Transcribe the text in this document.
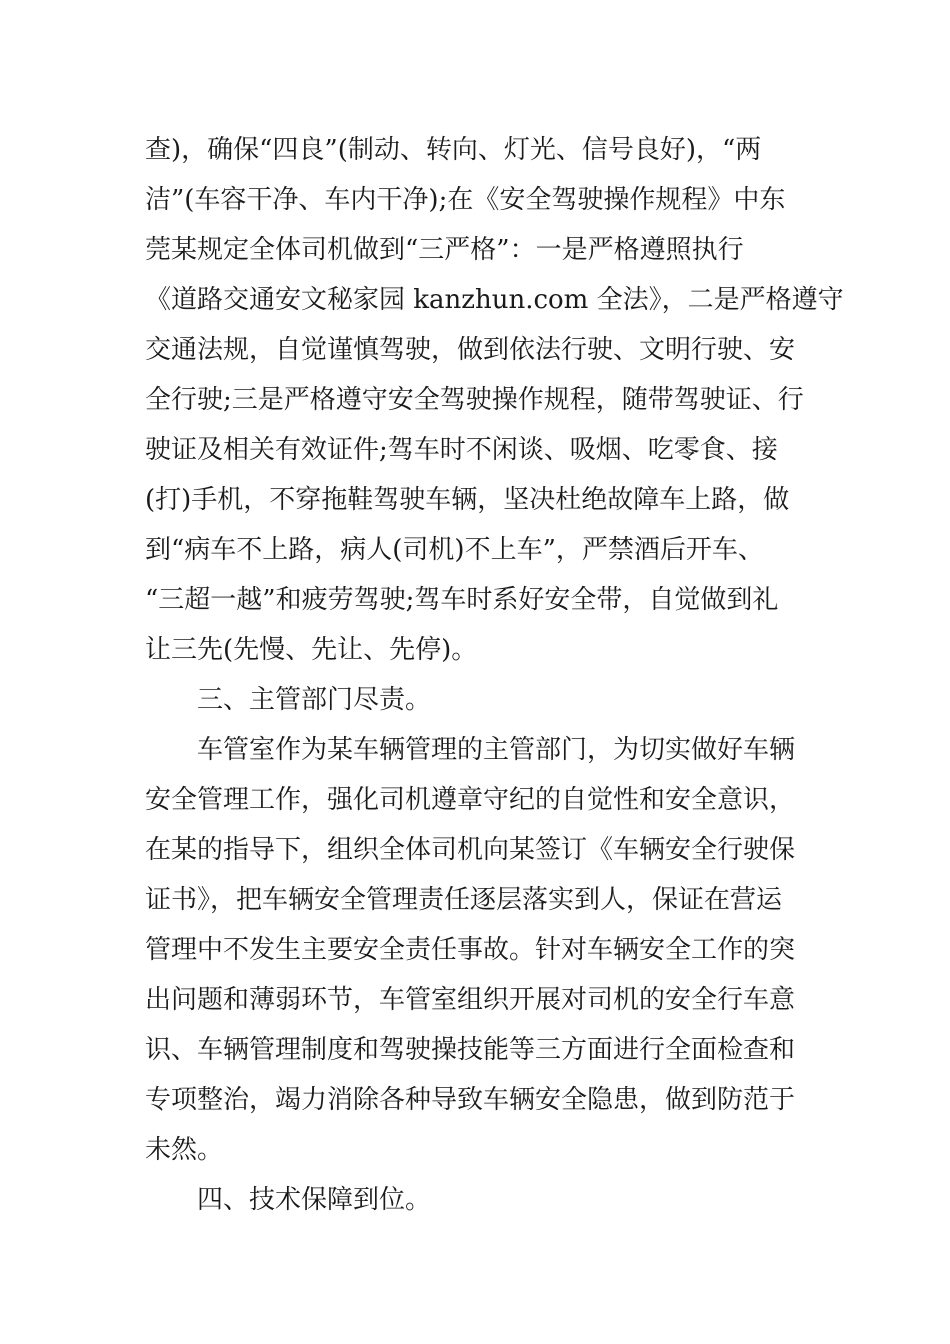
查)，确保“四良”(制动、转向、灯光、信号良好)，“两
洁”(车容干净、车内干净);在《安全驾驶操作规程》中东
莞某规定全体司机做到“三严格”：一是严格遵照执行
《道路交通安文秘家园 kanzhun.com 全法》，二是严格遵守
交通法规，自觉谨慎驾驶，做到依法行驶、文明行驶、安
全行驶;三是严格遵守安全驾驶操作规程，随带驾驶证、行
驶证及相关有效证件;驾车时不闲谈、吸烟、吃零食、接
(打)手机，不穿拖鞋驾驶车辆，坚决杜绝故障车上路，做
到“病车不上路，病人(司机)不上车”，严禁酒后开车、
“三超一越”和疲劳驾驶;驾车时系好安全带，自觉做到礼
让三先(先慢、先让、先停)。
三、主管部门尽责。
车管室作为某车辆管理的主管部门，为切实做好车辆
安全管理工作，强化司机遵章守纪的自觉性和安全意识，
在某的指导下，组织全体司机向某签订《车辆安全行驶保
证书》，把车辆安全管理责任逐层落实到人，保证在营运
管理中不发生主要安全责任事故。针对车辆安全工作的突
出问题和薄弱环节，车管室组织开展对司机的安全行车意
识、车辆管理制度和驾驶操技能等三方面进行全面检查和
专项整治，竭力消除各种导致车辆安全隐患，做到防范于
未然。
四、技术保障到位。
